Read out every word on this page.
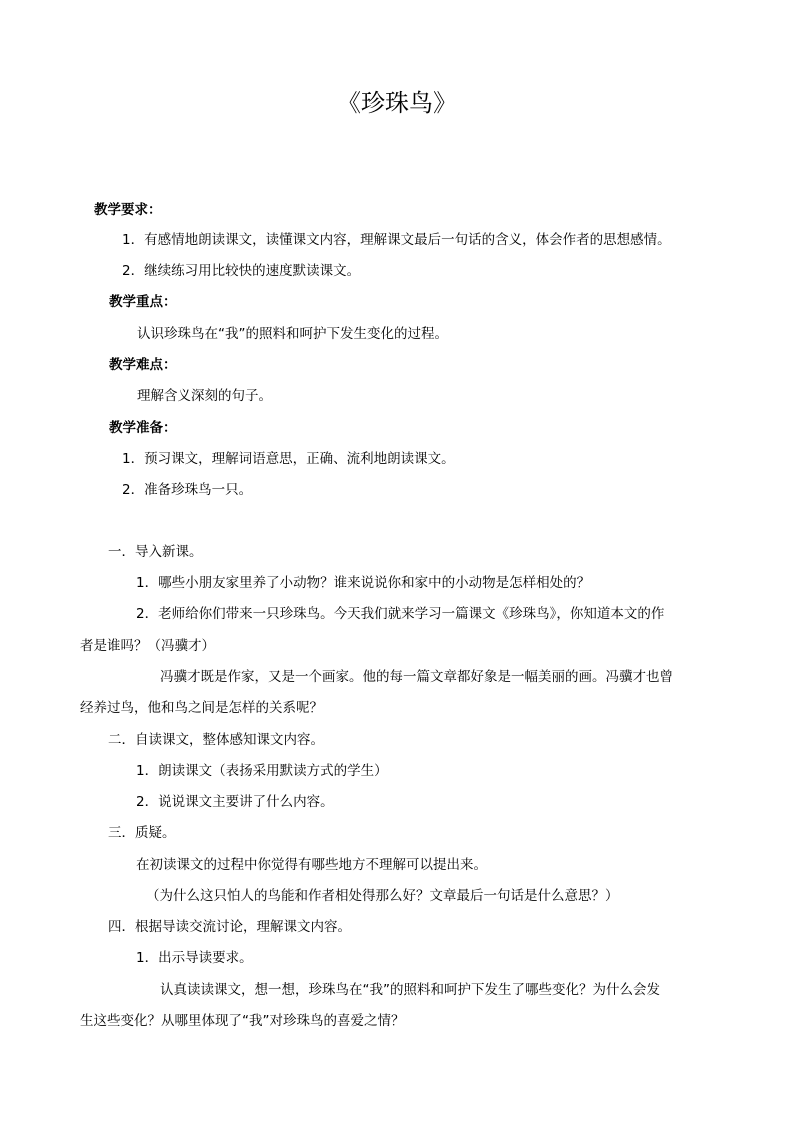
《珍珠鸟》
教学要求：
1．有感情地朗读课文，读懂课文内容，理解课文最后一句话的含义，体会作者的思想感情。
2．继续练习用比较快的速度默读课文。
教学重点：
认识珍珠鸟在“我”的照料和呵护下发生变化的过程。
教学难点：
理解含义深刻的句子。
教学准备：
1．预习课文，理解词语意思，正确、流利地朗读课文。
2．准备珍珠鸟一只。
一．导入新课。
1．哪些小朋友家里养了小动物？谁来说说你和家中的小动物是怎样相处的？
2．老师给你们带来一只珍珠鸟。今天我们就来学习一篇课文《珍珠鸟》，你知道本文的作
者是谁吗？（冯骥才）
冯骥才既是作家，又是一个画家。他的每一篇文章都好象是一幅美丽的画。冯骥才也曾
经养过鸟，他和鸟之间是怎样的关系呢？
二．自读课文，整体感知课文内容。
1．朗读课文（表扬采用默读方式的学生）
2．说说课文主要讲了什么内容。
三．质疑。
在初读课文的过程中你觉得有哪些地方不理解可以提出来。
（为什么这只怕人的鸟能和作者相处得那么好？文章最后一句话是什么意思？）
四．根据导读交流讨论，理解课文内容。
1．出示导读要求。
认真读读课文，想一想，珍珠鸟在“我”的照料和呵护下发生了哪些变化？为什么会发
生这些变化？从哪里体现了“我”对珍珠鸟的喜爱之情？
